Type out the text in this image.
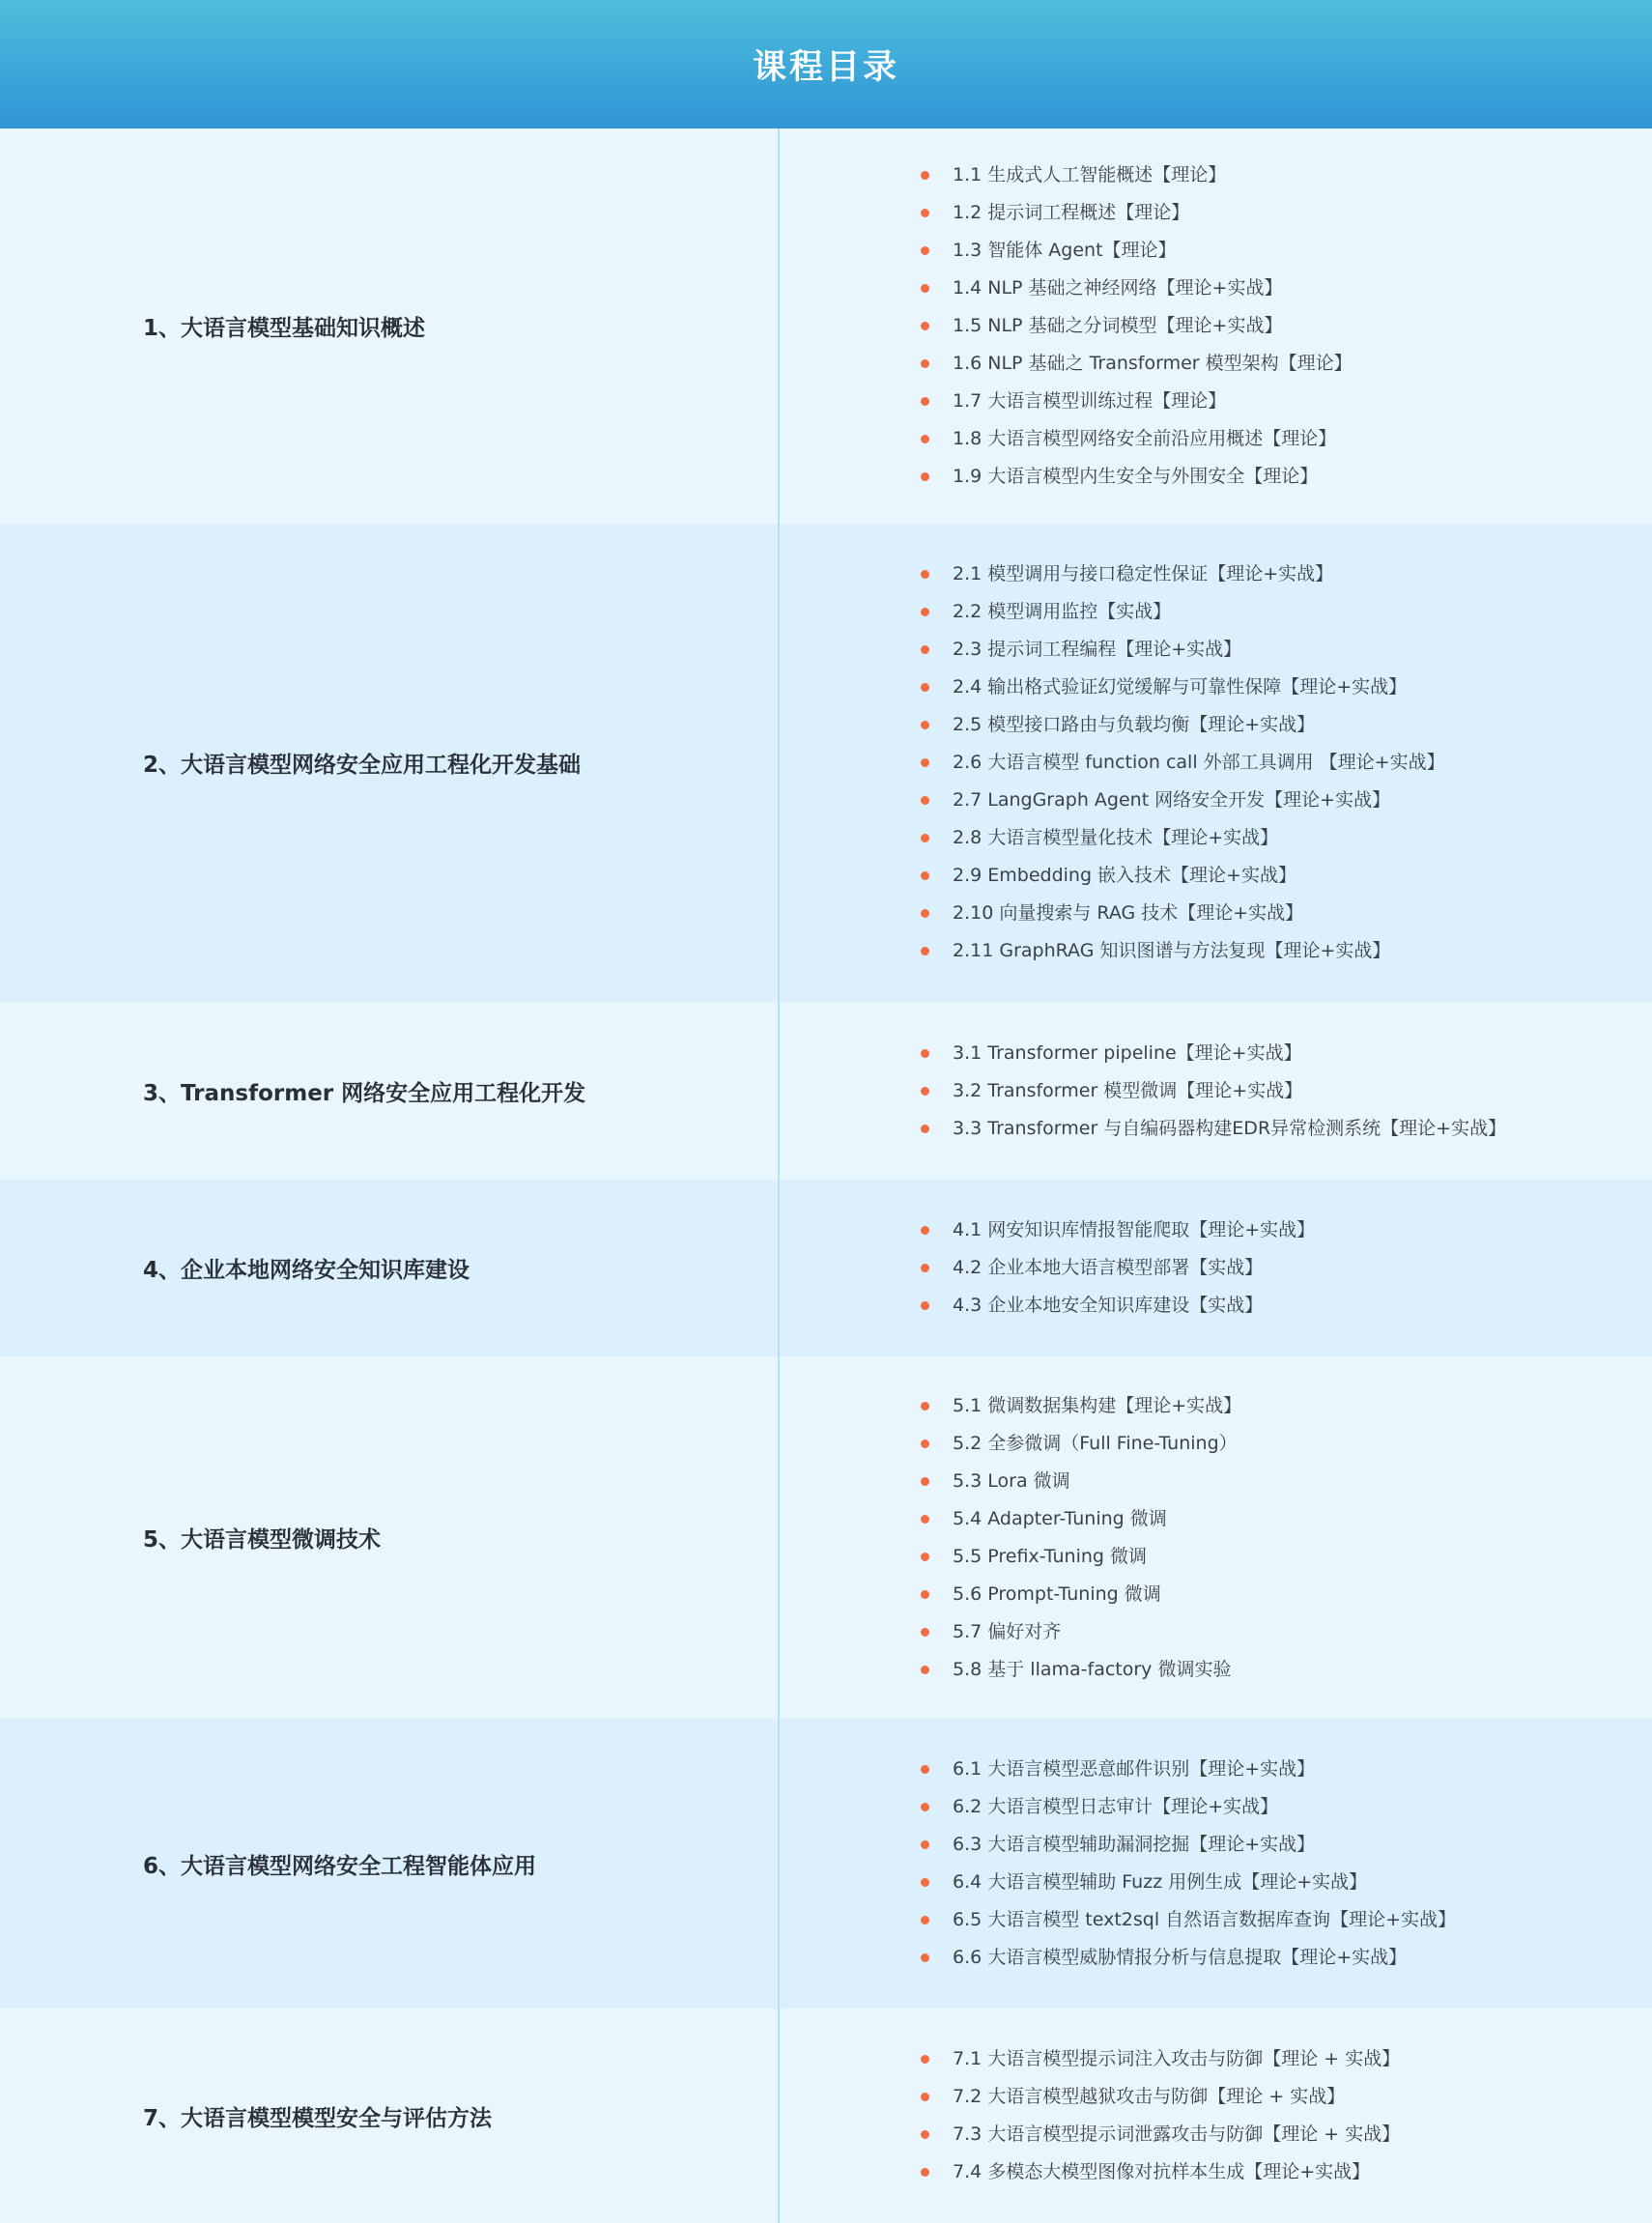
课程目录
1、大语言模型基础知识概述
1.1 生成式人工智能概述【理论】
1.2 提示词工程概述【理论】
1.3 智能体 Agent【理论】
1.4 NLP 基础之神经网络【理论+实战】
1.5 NLP 基础之分词模型【理论+实战】
1.6 NLP 基础之 Transformer 模型架构【理论】
1.7 大语言模型训练过程【理论】
1.8 大语言模型网络安全前沿应用概述【理论】
1.9 大语言模型内生安全与外围安全【理论】
2、大语言模型网络安全应用工程化开发基础
2.1 模型调用与接口稳定性保证【理论+实战】
2.2 模型调用监控【实战】
2.3 提示词工程编程【理论+实战】
2.4 输出格式验证幻觉缓解与可靠性保障【理论+实战】
2.5 模型接口路由与负载均衡【理论+实战】
2.6 大语言模型 function call 外部工具调用 【理论+实战】
2.7 LangGraph Agent 网络安全开发【理论+实战】
2.8 大语言模型量化技术【理论+实战】
2.9 Embedding 嵌入技术【理论+实战】
2.10 向量搜索与 RAG 技术【理论+实战】
2.11 GraphRAG 知识图谱与方法复现【理论+实战】
3、Transformer 网络安全应用工程化开发
3.1 Transformer pipeline【理论+实战】
3.2 Transformer 模型微调【理论+实战】
3.3 Transformer 与自编码器构建EDR异常检测系统【理论+实战】
4、企业本地网络安全知识库建设
4.1 网安知识库情报智能爬取【理论+实战】
4.2 企业本地大语言模型部署【实战】
4.3 企业本地安全知识库建设【实战】
5、大语言模型微调技术
5.1 微调数据集构建【理论+实战】
5.2 全参微调（Full Fine-Tuning）
5.3 Lora 微调
5.4 Adapter-Tuning 微调
5.5 Prefix-Tuning 微调
5.6 Prompt-Tuning 微调
5.7 偏好对齐
5.8 基于 llama-factory 微调实验
6、大语言模型网络安全工程智能体应用
6.1 大语言模型恶意邮件识别【理论+实战】
6.2 大语言模型日志审计【理论+实战】
6.3 大语言模型辅助漏洞挖掘【理论+实战】
6.4 大语言模型辅助 Fuzz 用例生成【理论+实战】
6.5 大语言模型 text2sql 自然语言数据库查询【理论+实战】
6.6 大语言模型威胁情报分析与信息提取【理论+实战】
7、大语言模型模型安全与评估方法
7.1 大语言模型提示词注入攻击与防御【理论 + 实战】
7.2 大语言模型越狱攻击与防御【理论 + 实战】
7.3 大语言模型提示词泄露攻击与防御【理论 + 实战】
7.4 多模态大模型图像对抗样本生成【理论+实战】
